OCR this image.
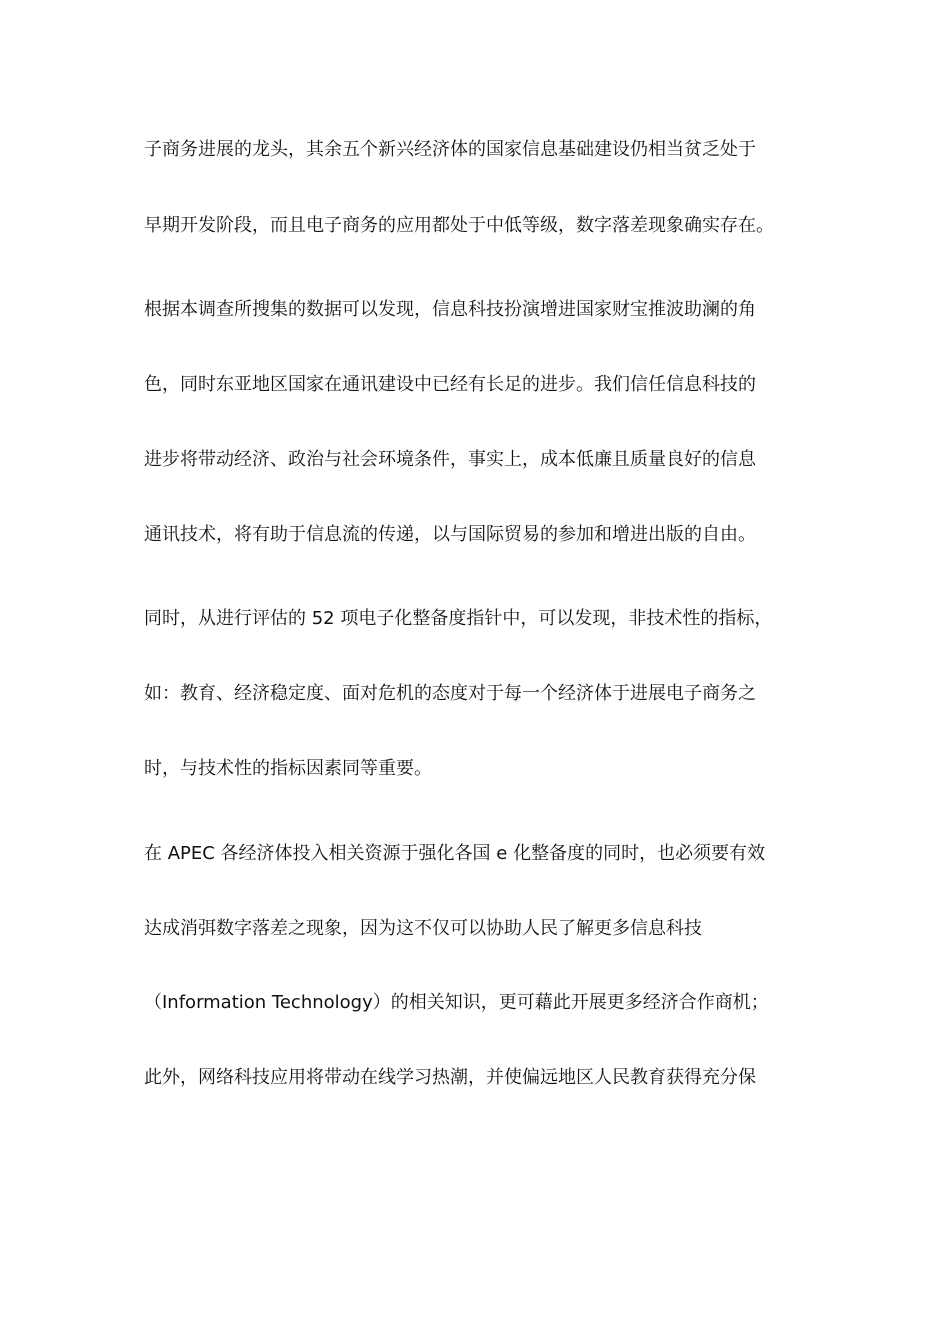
子商务进展的龙头，其余五个新兴经济体的国家信息基础建设仍相当贫乏处于

早期开发阶段，而且电子商务的应用都处于中低等级，数字落差现象确实存在。

根据本调查所搜集的数据可以发现，信息科技扮演增进国家财宝推波助澜的角

色，同时东亚地区国家在通讯建设中已经有长足的进步。我们信任信息科技的

进步将带动经济、政治与社会环境条件，事实上，成本低廉且质量良好的信息

通讯技术，将有助于信息流的传递，以与国际贸易的参加和增进出版的自由。

同时，从进行评估的 52 项电子化整备度指针中，可以发现，非技术性的指标，

如：教育、经济稳定度、面对危机的态度对于每一个经济体于进展电子商务之

时，与技术性的指标因素同等重要。

在 APEC 各经济体投入相关资源于强化各国 e 化整备度的同时，也必须要有效

达成消弭数字落差之现象，因为这不仅可以协助人民了解更多信息科技

（Information Technology）的相关知识，更可藉此开展更多经济合作商机；

此外，网络科技应用将带动在线学习热潮，并使偏远地区人民教育获得充分保
